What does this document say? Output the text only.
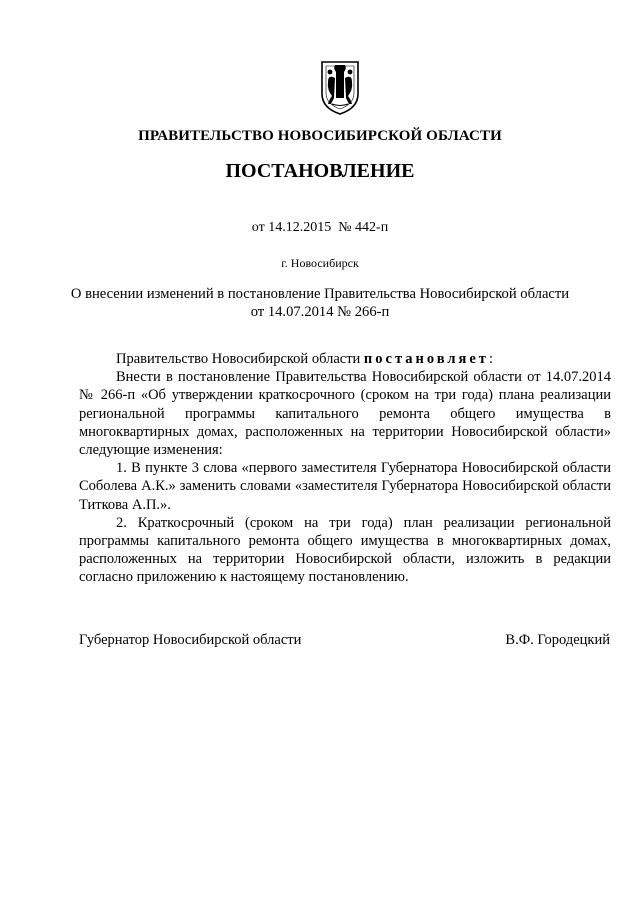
ПРАВИТЕЛЬСТВО НОВОСИБИРСКОЙ ОБЛАСТИ
ПОСТАНОВЛЕНИЕ
от 14.12.2015 № 442-п
г. Новосибирск
О внесении изменений в постановление Правительства Новосибирской области
от 14.07.2014 № 266-п

Правительство Новосибирской области постановляет:

Внести в постановление Правительства Новосибирской области от 14.07.2014 № 266-п «Об утверждении краткосрочного (сроком на три года) плана реализации региональной программы капитального ремонта общего имущества в многоквартирных домах, расположенных на территории Новосибирской области» следующие изменения:

1. В пункте 3 слова «первого заместителя Губернатора Новосибирской области Соболева А.К.» заменить словами «заместителя Губернатора Новосибирской области Титкова А.П.».

2. Краткосрочный (сроком на три года) план реализации региональной программы капитального ремонта общего имущества в многоквартирных домах, расположенных на территории Новосибирской области, изложить в редакции согласно приложению к настоящему постановлению.

Губернатор Новосибирской области	В.Ф. Городецкий
